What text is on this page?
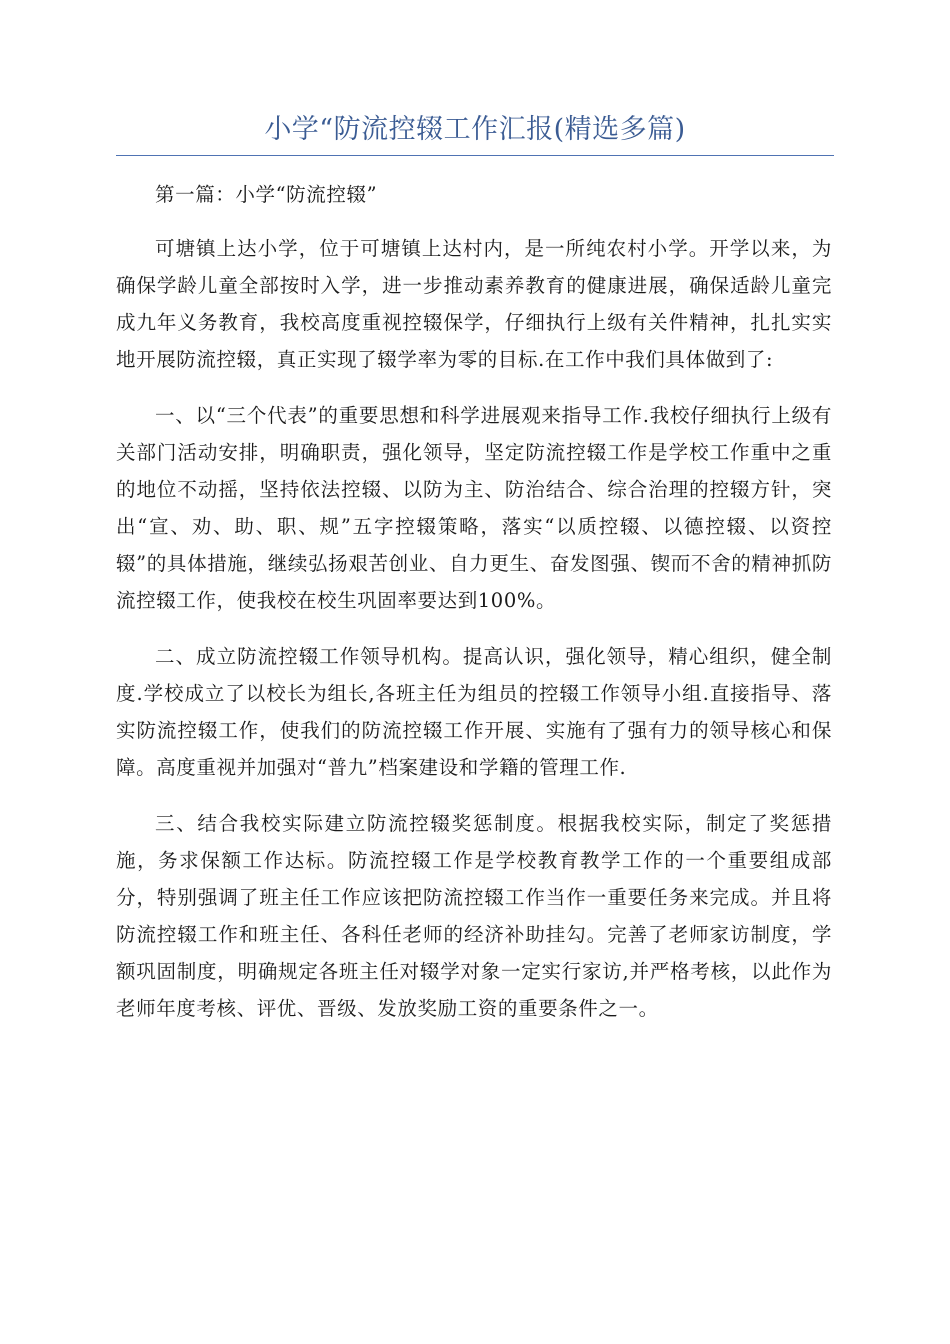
小学“防流控辍工作汇报(精选多篇)

第一篇：小学“防流控辍”

可塘镇上达小学，位于可塘镇上达村内，是一所纯农村小学。开学以来，为确保学龄儿童全部按时入学，进一步推动素养教育的健康进展，确保适龄儿童完成九年义务教育，我校高度重视控辍保学，仔细执行上级有关件精神，扎扎实实地开展防流控辍，真正实现了辍学率为零的目标.在工作中我们具体做到了:

一、以“三个代表”的重要思想和科学进展观来指导工作.我校仔细执行上级有关部门活动安排，明确职责，强化领导，坚定防流控辍工作是学校工作重中之重的地位不动摇，坚持依法控辍、以防为主、防治结合、综合治理的控辍方针，突出“宣、劝、助、职、规”五字控辍策略，落实“以质控辍、以德控辍、以资控辍”的具体措施，继续弘扬艰苦创业、自力更生、奋发图强、锲而不舍的精神抓防流控辍工作，使我校在校生巩固率要达到100%。

二、成立防流控辍工作领导机构。提高认识，强化领导，精心组织，健全制度.学校成立了以校长为组长,各班主任为组员的控辍工作领导小组.直接指导、落实防流控辍工作，使我们的防流控辍工作开展、实施有了强有力的领导核心和保障。高度重视并加强对“普九”档案建设和学籍的管理工作.

三、结合我校实际建立防流控辍奖惩制度。根据我校实际，制定了奖惩措施，务求保额工作达标。防流控辍工作是学校教育教学工作的一个重要组成部分，特别强调了班主任工作应该把防流控辍工作当作一重要任务来完成。并且将防流控辍工作和班主任、各科任老师的经济补助挂勾。完善了老师家访制度，学额巩固制度，明确规定各班主任对辍学对象一定实行家访,并严格考核，以此作为老师年度考核、评优、晋级、发放奖励工资的重要条件之一。
